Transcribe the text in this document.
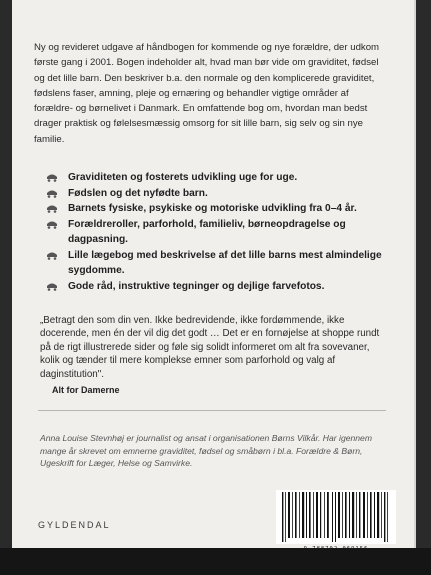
Ny og revideret udgave af håndbogen for kommende og nye forældre, der udkom første gang i 2001. Bogen indeholder alt, hvad man bør vide om graviditet, fødsel og det lille barn. Den beskriver b.a. den normale og den komplicerede graviditet, fødslens faser, amning, pleje og ernæring og behandler vigtige områder af forældre- og børnelivet i Danmark. En omfattende bog om, hvordan man bedst drager praktisk og følelsesmæssig omsorg for sit lille barn, sig selv og sin nye familie.
Graviditeten og fosterets udvikling uge for uge.
Fødslen og det nyfødte barn.
Barnets fysiske, psykiske og motoriske udvikling fra 0–4 år.
Forældreroller, parforhold, familieliv, børneopdragelse og dagpasning.
Lille lægebog med beskrivelse af det lille barns mest almindelige sygdomme.
Gode råd, instruktive tegninger og dejlige farvefotos.
„Betragt den som din ven. Ikke bedrevidende, ikke fordømmende, ikke docerende, men én der vil dig det godt … Det er en fornøjelse at shoppe rundt på de rigt illustrerede sider og føle sig solidt informeret om alt fra sovevaner, kolik og tænder til mere komplekse emner som parforhold og valg af daginstitution".
Alt for Damerne
Anna Louise Stevnhøj er journalist og ansat i organisationen Børns Vilkår. Har igennem mange år skrevet om emnerne graviditet, fødsel og småbørn i bl.a. Forældre & Børn, Ugeskrift for Læger, Helse og Samvirke.
GYLDENDAL
